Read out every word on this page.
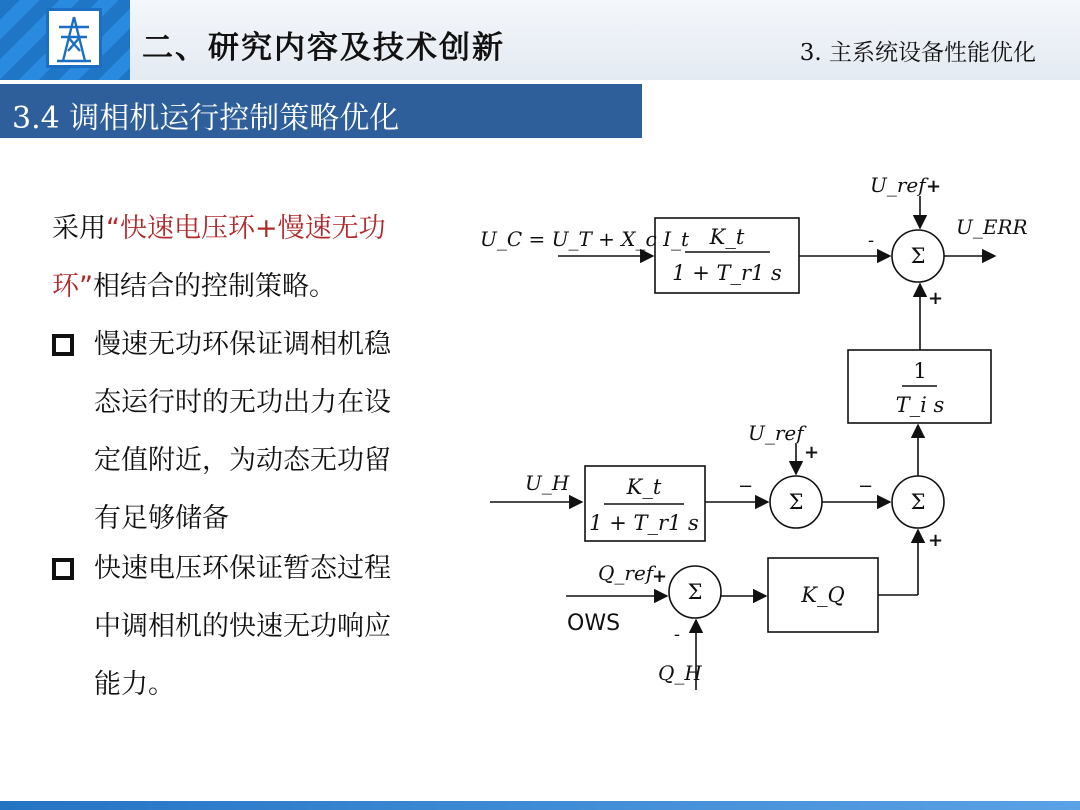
二、研究内容及技术创新	3. 主系统设备性能优化
3.4 调相机运行控制策略优化
采用“快速电压环+慢速无功
环”相结合的控制策略。
慢速无功环保证调相机稳
态运行时的无功出力在设
定值附近，为动态无功留
有足够储备
快速电压环保证暂态过程
中调相机的快速无功响应
能力。
U_C = U_T + X_c I_t K_t
1 + T_r1 s
Σ
U_ref +
U_ERR
-
+
1
T_i s
U_H	K_t
1 + T_r1 s
Σ
U_ref
+
−
Σ
−
+
Q_ref
+
OWS
Σ
-
Q_H
K_Q
